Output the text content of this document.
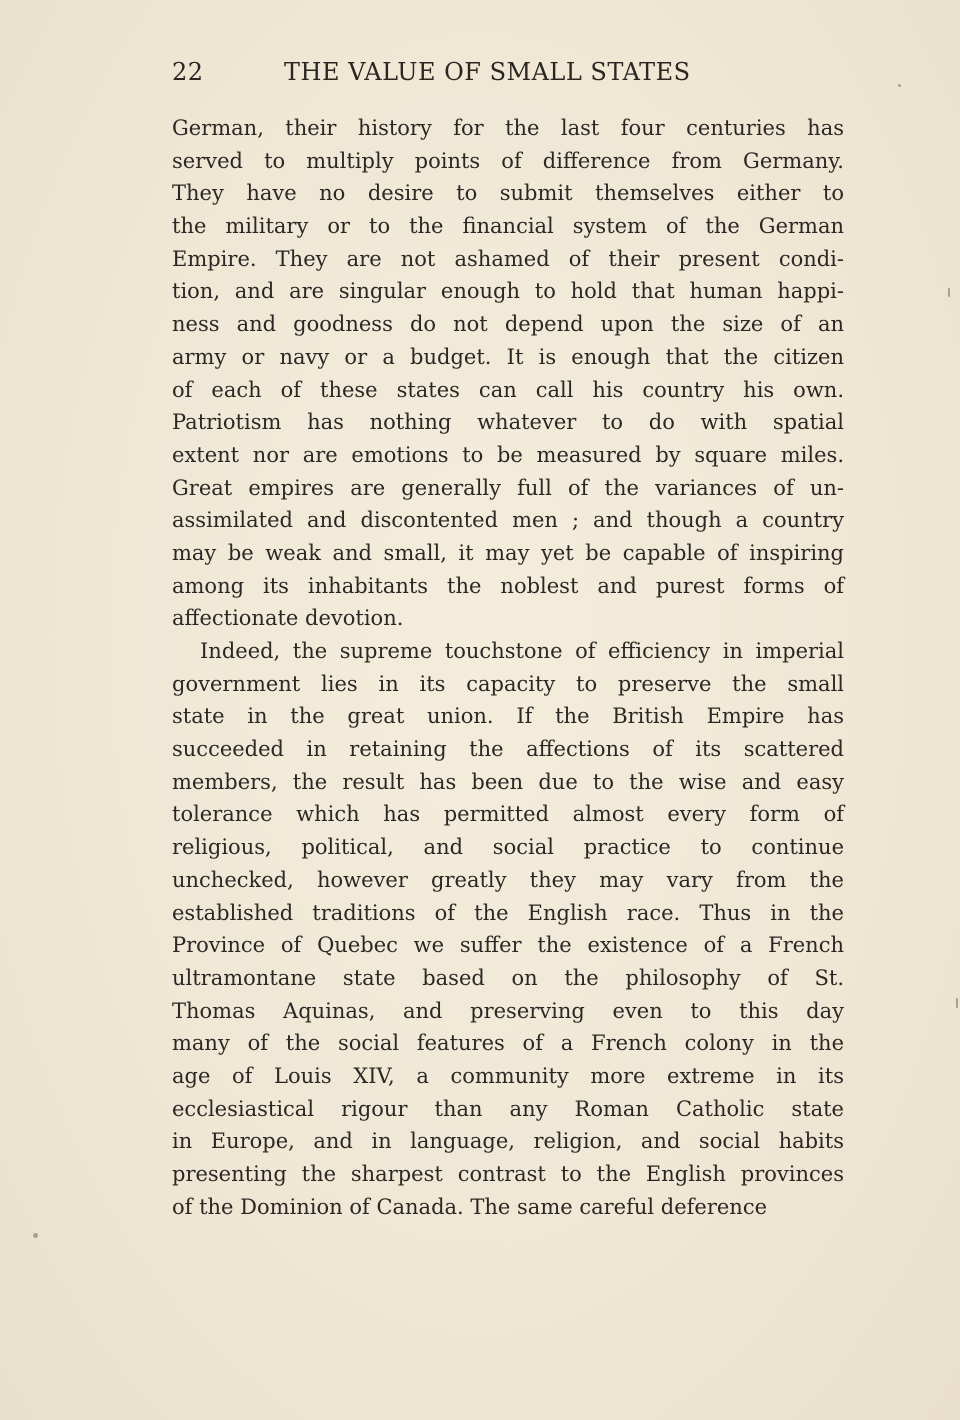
22	THE VALUE OF SMALL STATES
German, their history for the last four centuries has
served to multiply points of difference from Germany.
They have no desire to submit themselves either to
the military or to the financial system of the German
Empire. They are not ashamed of their present condi-
tion, and are singular enough to hold that human happi-
ness and goodness do not depend upon the size of an
army or navy or a budget. It is enough that the citizen
of each of these states can call his country his own.
Patriotism has nothing whatever to do with spatial
extent nor are emotions to be measured by square miles.
Great empires are generally full of the variances of un-
assimilated and discontented men ; and though a country
may be weak and small, it may yet be capable of inspiring
among its inhabitants the noblest and purest forms of
affectionate devotion.
Indeed, the supreme touchstone of efficiency in imperial
government lies in its capacity to preserve the small
state in the great union. If the British Empire has
succeeded in retaining the affections of its scattered
members, the result has been due to the wise and easy
tolerance which has permitted almost every form of
religious, political, and social practice to continue
unchecked, however greatly they may vary from the
established traditions of the English race. Thus in the
Province of Quebec we suffer the existence of a French
ultramontane state based on the philosophy of St.
Thomas Aquinas, and preserving even to this day
many of the social features of a French colony in the
age of Louis XIV, a community more extreme in its
ecclesiastical rigour than any Roman Catholic state
in Europe, and in language, religion, and social habits
presenting the sharpest contrast to the English provinces
of the Dominion of Canada. The same careful deference
